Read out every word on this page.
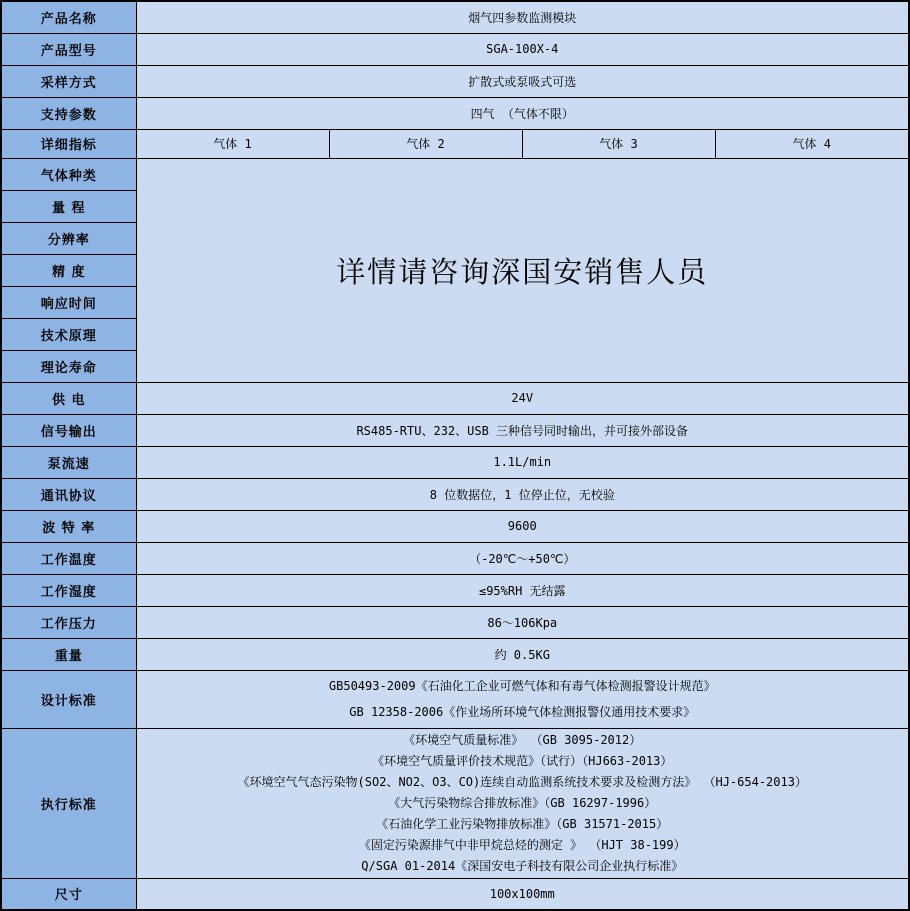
产品名称	烟气四参数监测模块			
产品型号	SGA-100X-4			
采样方式	扩散式或泵吸式可选			
支持参数	四气 （气体不限）			
详细指标	气体 1	气体 2	气体 3	气体 4
气体种类	详情请咨询深国安销售人员			
量 程				
分辨率				
精 度				
响应时间				
技术原理				
理论寿命				
供 电	24V			
信号输出	RS485-RTU、232、USB 三种信号同时输出，并可接外部设备			
泵流速	1.1L/min			
通讯协议	8 位数据位，1 位停止位，无校验			
波 特 率	9600			
工作温度	（-20℃～+50℃）			
工作湿度	≤95%RH 无结露			
工作压力	86～106Kpa			
重量	约 0.5KG			
设计标准	GB50493-2009《石油化工企业可燃气体和有毒气体检测报警设计规范》
GB 12358-2006《作业场所环境气体检测报警仪通用技术要求》			

执行标准	
《环境空气质量标准》 （GB 3095-2012）
《环境空气质量评价技术规范》（试行）（HJ663-2013）
《环境空气气态污染物(SO2、NO2、O3、CO)连续自动监测系统技术要求及检测方法》 （HJ-654-2013）
《大气污染物综合排放标准》（GB 16297-1996）
《石油化学工业污染物排放标准》（GB 31571-2015）
《固定污染源排气中非甲烷总烃的测定 》 （HJT 38-199）
Q/SGA 01-2014《深国安电子科技有限公司企业执行标准》

尺寸	100x100mm			
